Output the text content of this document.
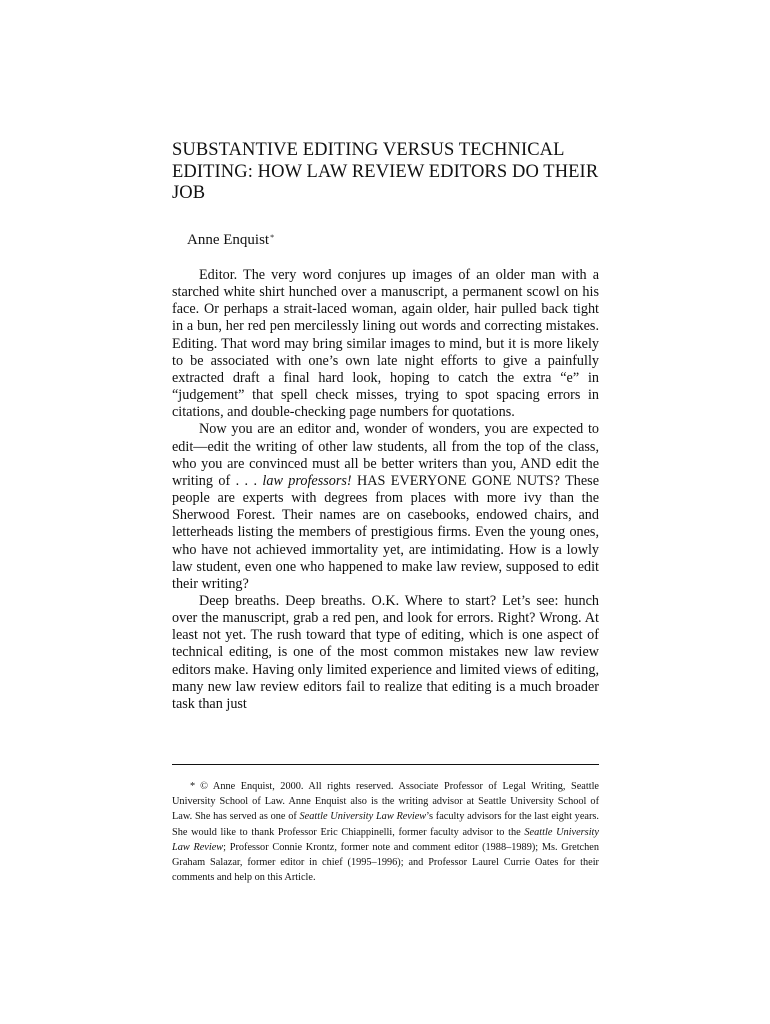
SUBSTANTIVE EDITING VERSUS TECHNICAL EDITING: HOW LAW REVIEW EDITORS DO THEIR JOB

Anne Enquist*

Editor. The very word conjures up images of an older man with a starched white shirt hunched over a manuscript, a permanent scowl on his face. Or perhaps a strait-laced woman, again older, hair pulled back tight in a bun, her red pen mercilessly lining out words and correcting mistakes. Editing. That word may bring similar images to mind, but it is more likely to be associated with one’s own late night efforts to give a painfully extracted draft a final hard look, hoping to catch the extra “e” in “judgement” that spell check misses, trying to spot spacing errors in citations, and double-checking page numbers for quotations.

Now you are an editor and, wonder of wonders, you are expected to edit—edit the writing of other law students, all from the top of the class, who you are convinced must all be better writers than you, AND edit the writing of . . . law professors! HAS EVERYONE GONE NUTS? These people are experts with degrees from places with more ivy than the Sherwood Forest. Their names are on casebooks, endowed chairs, and letterheads listing the members of prestigious firms. Even the young ones, who have not achieved immortality yet, are intimidating. How is a lowly law student, even one who happened to make law review, supposed to edit their writing?

Deep breaths. Deep breaths. O.K. Where to start? Let’s see: hunch over the manuscript, grab a red pen, and look for errors. Right? Wrong. At least not yet. The rush toward that type of editing, which is one aspect of technical editing, is one of the most common mistakes new law review editors make. Having only limited experience and limited views of editing, many new law review editors fail to realize that editing is a much broader task than just

* © Anne Enquist, 2000. All rights reserved. Associate Professor of Legal Writing, Seattle University School of Law. Anne Enquist also is the writing advisor at Seattle University School of Law. She has served as one of Seattle University Law Review’s faculty advisors for the last eight years. She would like to thank Professor Eric Chiappinelli, former faculty advisor to the Seattle University Law Review; Professor Connie Krontz, former note and comment editor (1988–1989); Ms. Gretchen Graham Salazar, former editor in chief (1995–1996); and Professor Laurel Currie Oates for their comments and help on this Article.
